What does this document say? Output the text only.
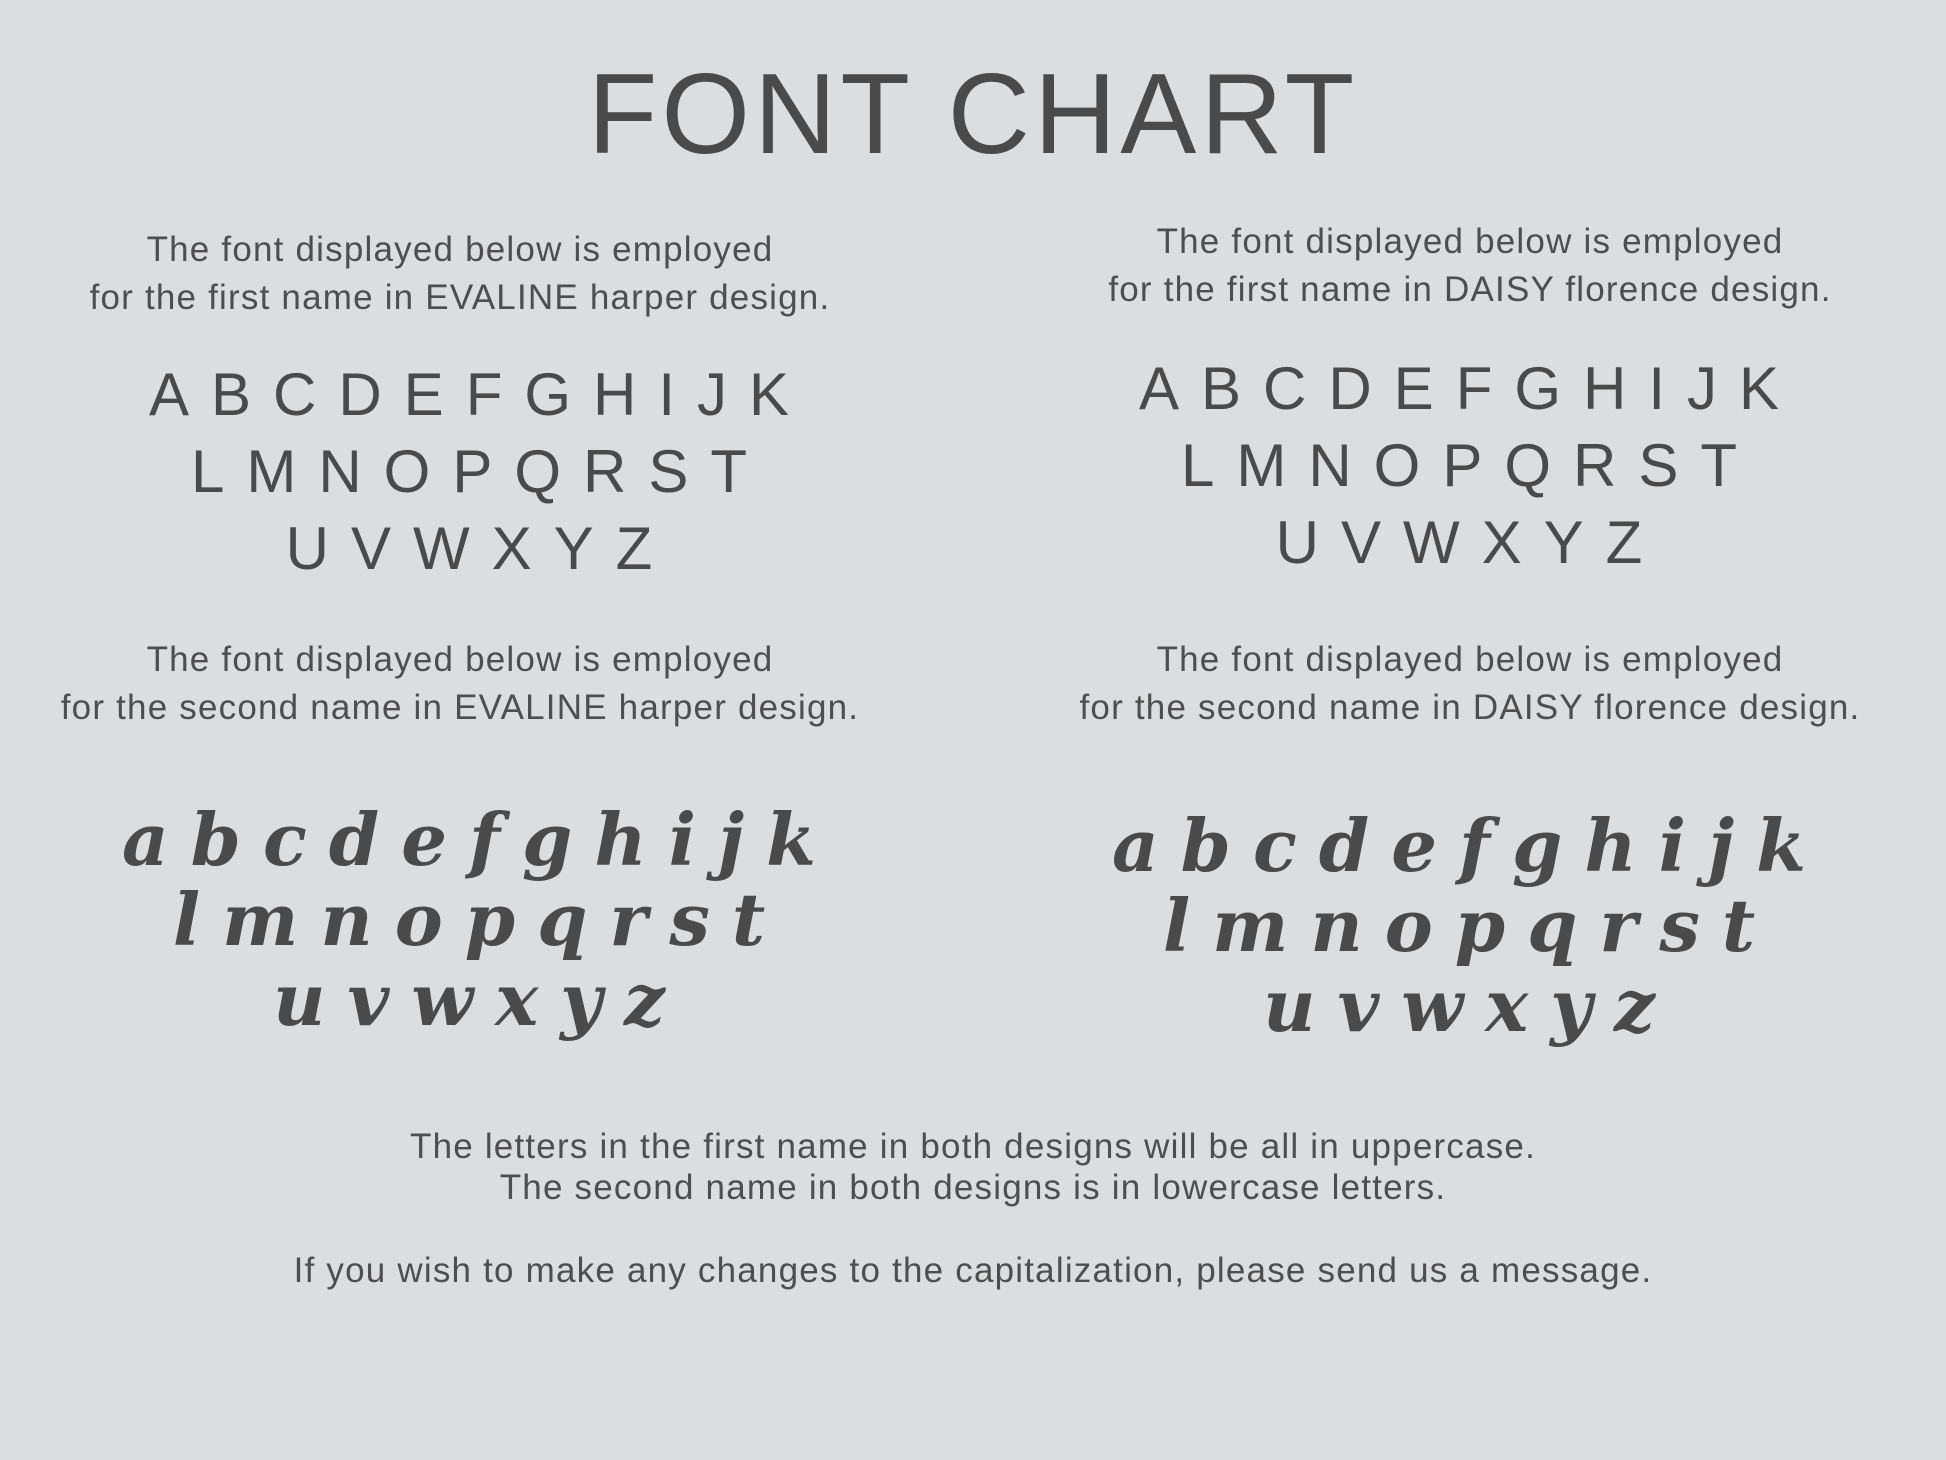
FONT CHART
The font displayed below is employed
for the first name in EVALINE harper design.
ABCDEFGHIJK
LMNOPQRST
UVWXYZ
The font displayed below is employed
for the first name in DAISY florence design.
ABCDEFGHIJK
LMNOPQRST
UVWXYZ
The font displayed below is employed
for the second name in EVALINE harper design.
abcdefghijk
lmnopqrst
uvwxyz
The font displayed below is employed
for the second name in DAISY florence design.
abcdefghijk
lmnopqrst
uvwxyz
The letters in the first name in both designs will be all in uppercase.
The second name in both designs is in lowercase letters.
If you wish to make any changes to the capitalization, please send us a message.
